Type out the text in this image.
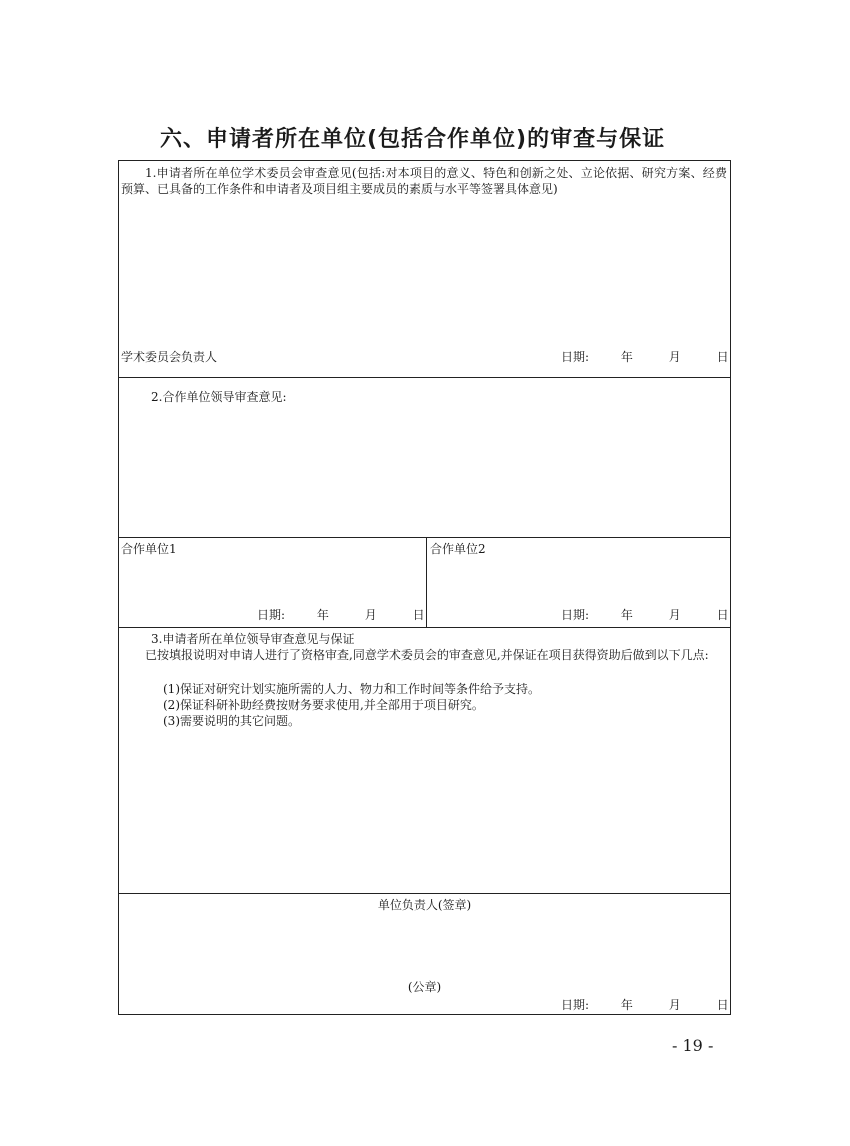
六、申请者所在单位(包括合作单位)的审查与保证
1.申请者所在单位学术委员会审查意见(包括:对本项目的意义、特色和创新之处、立论依据、研究方案、经费预算、已具备的工作条件和申请者及项目组主要成员的素质与水平等签署具体意见)
学术委员会负责人	日期:	年	月	日
2.合作单位领导审查意见:
合作单位1	合作单位2
日期:	年	月	日	日期:	年	月	日
3.申请者所在单位领导审查意见与保证
已按填报说明对申请人进行了资格审查,同意学术委员会的审查意见,并保证在项目获得资助后做到以下几点:
(1)保证对研究计划实施所需的人力、物力和工作时间等条件给予支持。
(2)保证科研补助经费按财务要求使用,并全部用于项目研究。
(3)需要说明的其它问题。
单位负责人(签章)
(公章)
日期:	年	月	日
- 19 -
